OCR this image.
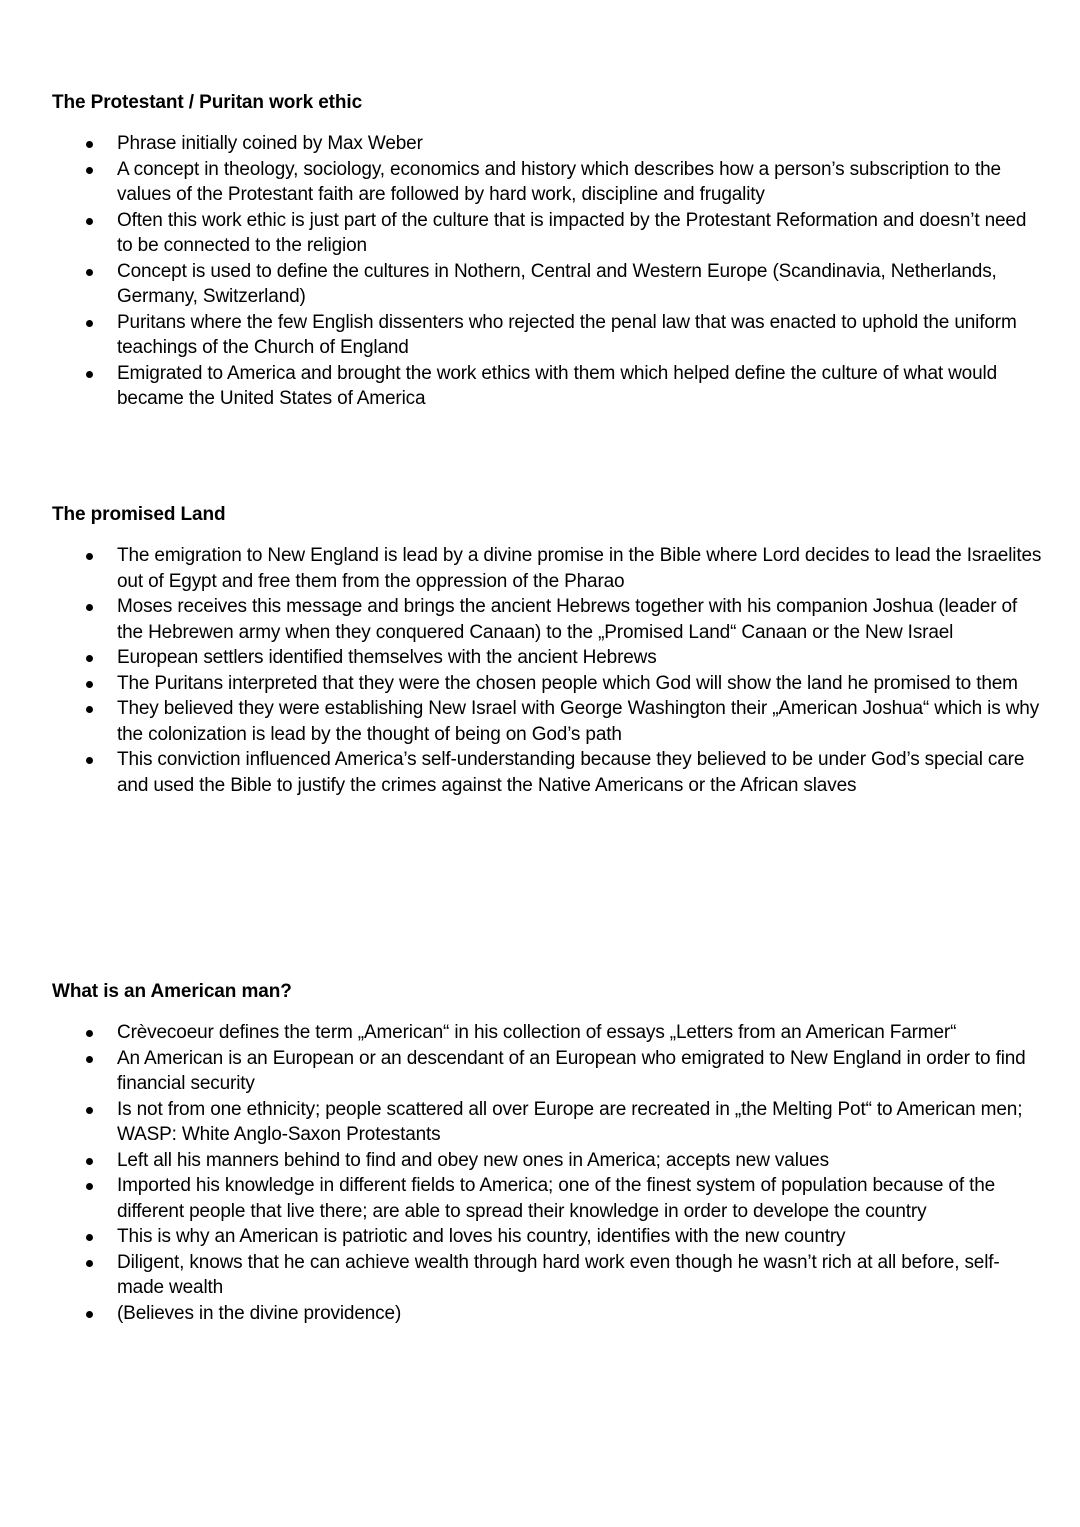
The Protestant / Puritan work ethic
Phrase initially coined by Max Weber
A concept in theology, sociology, economics and history which describes how a person’s subscription to the values of the Protestant faith are followed by hard work, discipline and frugality
Often this work ethic is just part of the culture that is impacted by the Protestant Reformation and doesn’t need to be connected to the religion
Concept is used to define the cultures in Nothern, Central and Western Europe (Scandinavia, Netherlands, Germany, Switzerland)
Puritans where the few English dissenters who rejected the penal law that was enacted to uphold the uniform teachings of the Church of England
Emigrated to America and brought the work ethics with them which helped define the culture of what would became the United States of America
The promised Land
The emigration to New England is lead by a divine promise in the Bible where Lord decides to lead the Israelites out of Egypt and free them from the oppression of the Pharao
Moses receives this message and brings the ancient Hebrews together with his companion Joshua (leader of the Hebrewen army when they conquered Canaan) to the „Promised Land“ Canaan or the New Israel
European settlers identified themselves with the ancient Hebrews
The Puritans interpreted that they were the chosen people which God will show the land he promised to them
They believed they were establishing New Israel with George Washington their „American Joshua“ which is why the colonization is lead by the thought of being on God’s path
This conviction influenced America’s self-understanding because they believed to be under God’s special care and used the Bible to justify the crimes against the Native Americans or the African slaves
What is an American man?
Crèvecoeur defines the term „American“ in his collection of essays „Letters from an American Farmer“
An American is an European or an descendant of an European who emigrated to New England in order to find financial security
Is not from one ethnicity; people scattered all over Europe are recreated in „the Melting Pot“ to American men; WASP: White Anglo-Saxon Protestants
Left all his manners behind to find and obey new ones in America; accepts new values
Imported his knowledge in different fields to America; one of the finest system of population because of the different people that live there; are able to spread their knowledge in order to develope the country
This is why an American is patriotic and loves his country, identifies with the new country
Diligent, knows that he can achieve wealth through hard work even though he wasn’t rich at all before, self-made wealth
(Believes in the divine providence)
